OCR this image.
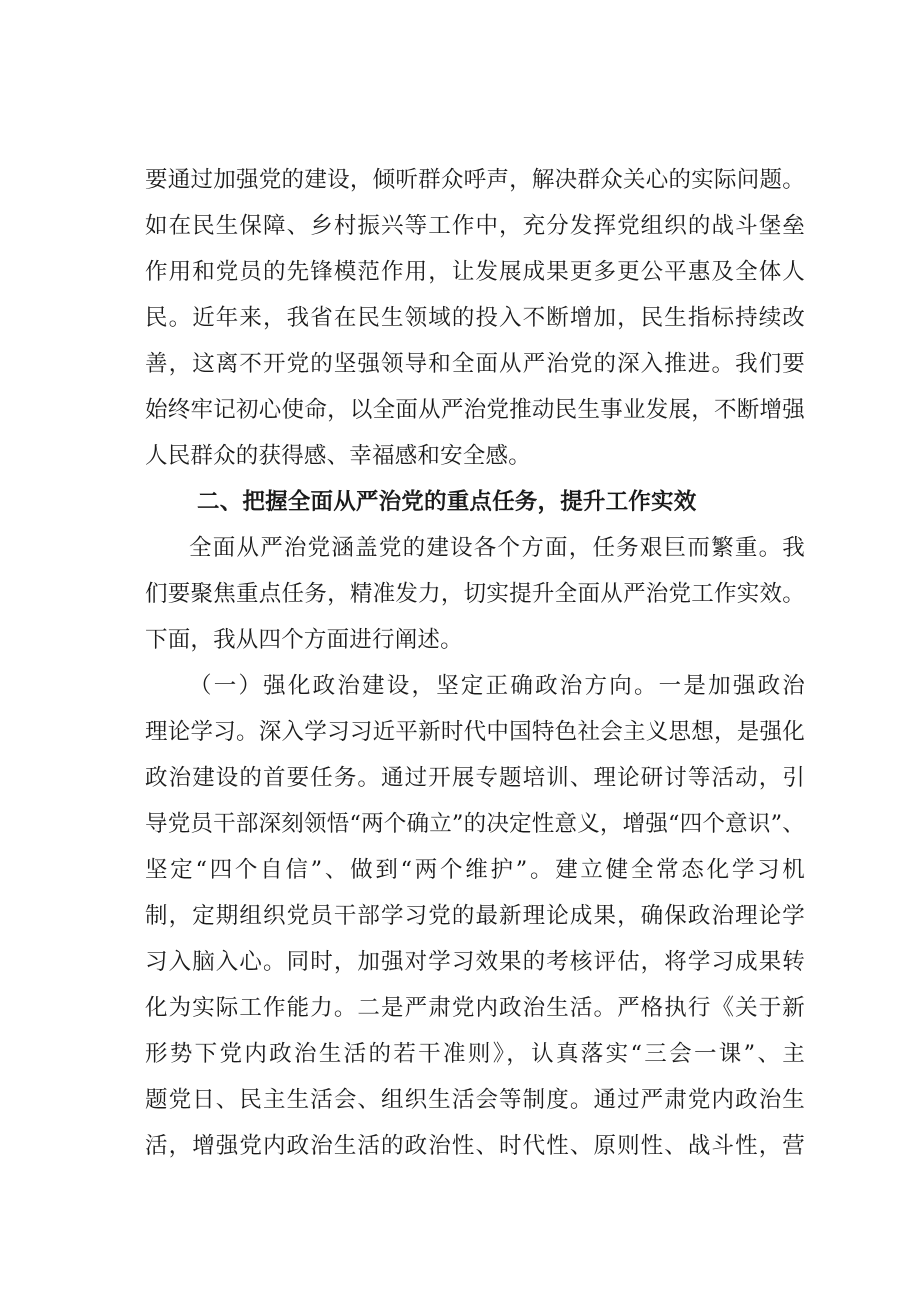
要通过加强党的建设，倾听群众呼声，解决群众关心的实际问题。
如在民生保障、乡村振兴等工作中，充分发挥党组织的战斗堡垒
作用和党员的先锋模范作用，让发展成果更多更公平惠及全体人
民。近年来，我省在民生领域的投入不断增加，民生指标持续改
善，这离不开党的坚强领导和全面从严治党的深入推进。我们要
始终牢记初心使命，以全面从严治党推动民生事业发展，不断增强
人民群众的获得感、幸福感和安全感。
二、把握全面从严治党的重点任务，提升工作实效
全面从严治党涵盖党的建设各个方面，任务艰巨而繁重。我
们要聚焦重点任务，精准发力，切实提升全面从严治党工作实效。
下面，我从四个方面进行阐述。
（一）强化政治建设，坚定正确政治方向。一是加强政治
理论学习。深入学习习近平新时代中国特色社会主义思想，是强化
政治建设的首要任务。通过开展专题培训、理论研讨等活动，引
导党员干部深刻领悟“两个确立”的决定性意义，增强“四个意识”、
坚定“四个自信”、做到“两个维护”。建立健全常态化学习机
制，定期组织党员干部学习党的最新理论成果，确保政治理论学
习入脑入心。同时，加强对学习效果的考核评估，将学习成果转
化为实际工作能力。二是严肃党内政治生活。严格执行《关于新
形势下党内政治生活的若干准则》，认真落实“三会一课”、主
题党日、民主生活会、组织生活会等制度。通过严肃党内政治生
活，增强党内政治生活的政治性、时代性、原则性、战斗性，营
